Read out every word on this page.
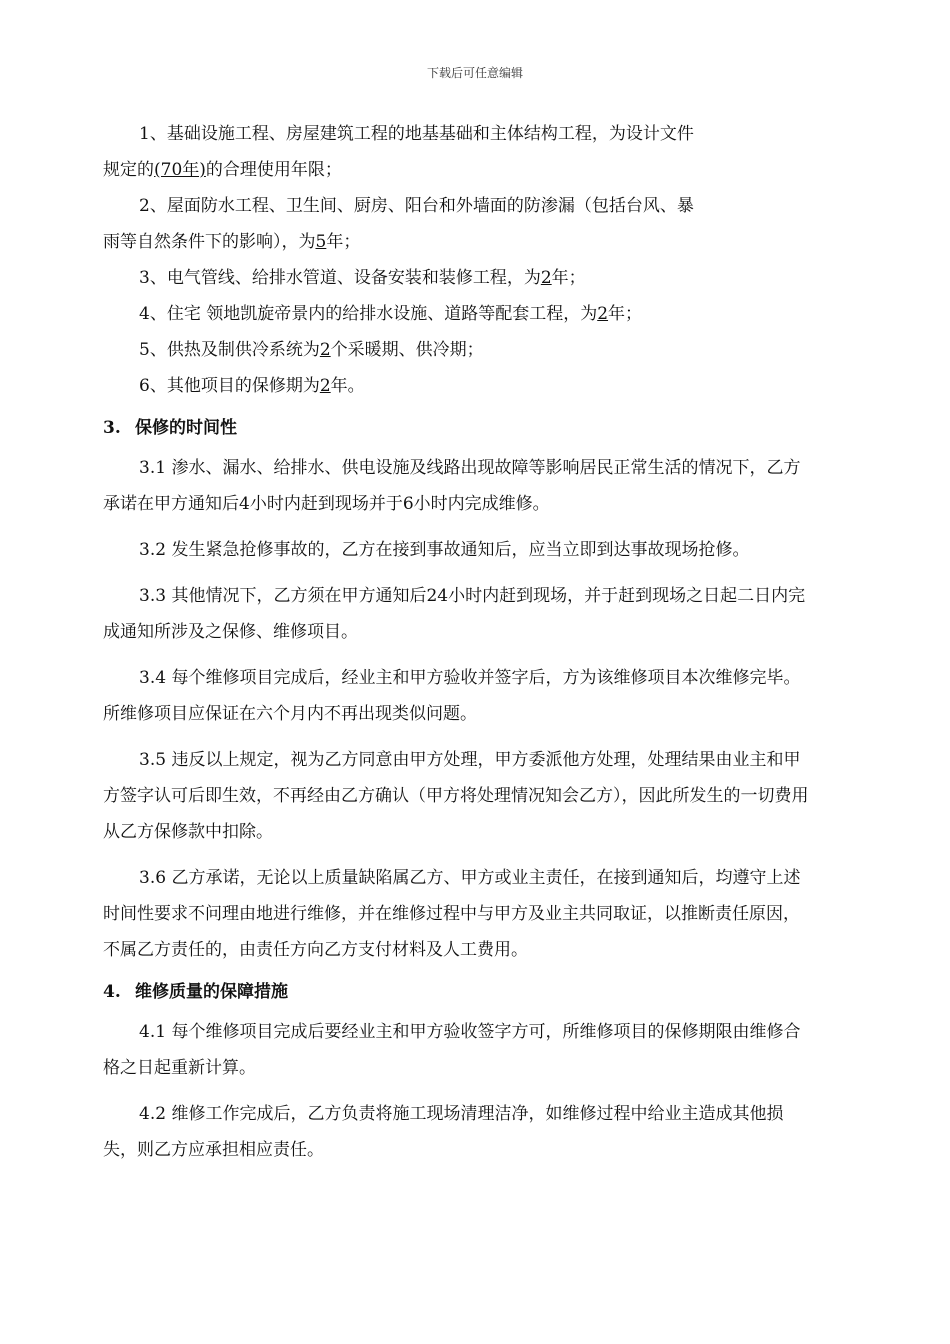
下载后可任意编辑

1、基础设施工程、房屋建筑工程的地基基础和主体结构工程，为设计文件

规定的(70年)的合理使用年限；

2、屋面防水工程、卫生间、厨房、阳台和外墙面的防渗漏（包括台风、暴

雨等自然条件下的影响），为5年；

3、电气管线、给排水管道、设备安装和装修工程，为2年；

4、住宅 领地凯旋帝景内的给排水设施、道路等配套工程，为2年；

5、供热及制供冷系统为2个采暖期、供冷期；

6、其他项目的保修期为2年。

3. 保修的时间性

3.1 渗水、漏水、给排水、供电设施及线路出现故障等影响居民正常生活的情况下，乙方承诺在甲方通知后4小时内赶到现场并于6小时内完成维修。

3.2 发生紧急抢修事故的，乙方在接到事故通知后，应当立即到达事故现场抢修。

3.3 其他情况下，乙方须在甲方通知后24小时内赶到现场，并于赶到现场之日起二日内完成通知所涉及之保修、维修项目。

3.4 每个维修项目完成后，经业主和甲方验收并签字后，方为该维修项目本次维修完毕。所维修项目应保证在六个月内不再出现类似问题。

3.5 违反以上规定，视为乙方同意由甲方处理，甲方委派他方处理，处理结果由业主和甲方签字认可后即生效，不再经由乙方确认（甲方将处理情况知会乙方），因此所发生的一切费用从乙方保修款中扣除。

3.6 乙方承诺，无论以上质量缺陷属乙方、甲方或业主责任，在接到通知后，均遵守上述时间性要求不问理由地进行维修，并在维修过程中与甲方及业主共同取证，以推断责任原因，不属乙方责任的，由责任方向乙方支付材料及人工费用。

4. 维修质量的保障措施

4.1 每个维修项目完成后要经业主和甲方验收签字方可，所维修项目的保修期限由维修合格之日起重新计算。

4.2 维修工作完成后，乙方负责将施工现场清理洁净，如维修过程中给业主造成其他损失，则乙方应承担相应责任。
